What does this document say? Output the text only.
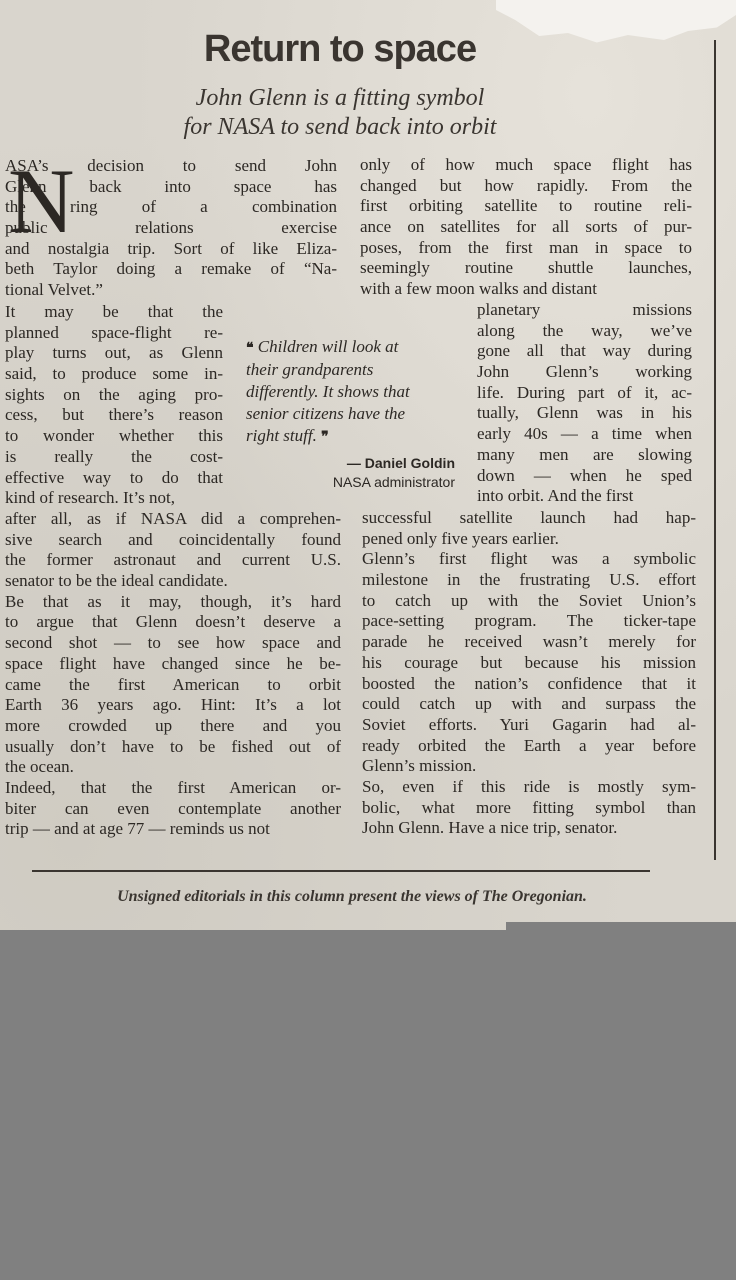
Return to space
John Glenn is a fitting symbol
for NASA to send back into orbit
N
ASA’s decision to send John
Glenn back into space has
the ring of a combination
public relations exercise
and nostalgia trip. Sort of like Eliza-
beth Taylor doing a remake of “Na-
tional Velvet.”
It may be that the
planned space-flight re-
play turns out, as Glenn
said, to produce some in-
sights on the aging pro-
cess, but there’s reason
to wonder whether this
is really the cost-
effective way to do that
kind of research. It’s not,
after all, as if NASA did a comprehen-
sive search and coincidentally found
the former astronaut and current U.S.
senator to be the ideal candidate.
Be that as it may, though, it’s hard
to argue that Glenn doesn’t deserve a
second shot — to see how space and
space flight have changed since he be-
came the first American to orbit
Earth 36 years ago. Hint: It’s a lot
more crowded up there and you
usually don’t have to be fished out of
the ocean.
Indeed, that the first American or-
biter can even contemplate another
trip — and at age 77 — reminds us not
only of how much space flight has
changed but how rapidly. From the
first orbiting satellite to routine reli-
ance on satellites for all sorts of pur-
poses, from the first man in space to
seemingly routine shuttle launches,
with a few moon walks and distant
planetary missions
along the way, we’ve
gone all that way during
John Glenn’s working
life. During part of it, ac-
tually, Glenn was in his
early 40s — a time when
many men are slowing
down — when he sped
into orbit. And the first
successful satellite launch had hap-
pened only five years earlier.
Glenn’s first flight was a symbolic
milestone in the frustrating U.S. effort
to catch up with the Soviet Union’s
pace-setting program. The ticker-tape
parade he received wasn’t merely for
his courage but because his mission
boosted the nation’s confidence that it
could catch up with and surpass the
Soviet efforts. Yuri Gagarin had al-
ready orbited the Earth a year before
Glenn’s mission.
So, even if this ride is mostly sym-
bolic, what more fitting symbol than
John Glenn. Have a nice trip, senator.
❝ Children will look at
their grandparents
differently. It shows that
senior citizens have the
right stuff. ❞
— Daniel Goldin
NASA administrator
Unsigned editorials in this column present the views of The Oregonian.
